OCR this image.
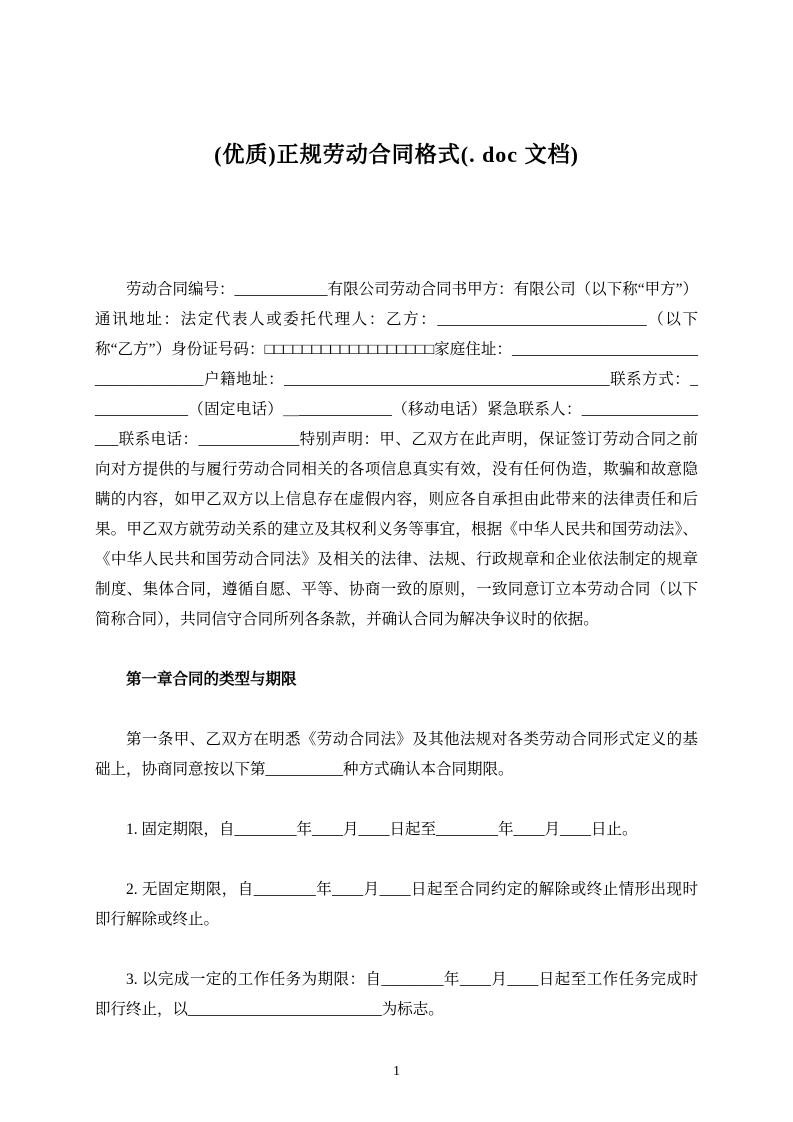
(优质)正规劳动合同格式(. doc 文档)

劳动合同编号：____________有限公司劳动合同书甲方：有限公司（以下称“甲方”）通讯地址：法定代表人或委托代理人：乙方：___________________________（以下称“乙方”）身份证号码：□□□□□□□□□□□□□□□□□□家庭住址：______________________________________户籍地址：__________________________________________联系方式：_____________（固定电话）＿____________（移动电话）紧急联系人：__________________联系电话：_____________特别声明：甲、乙双方在此声明，保证签订劳动合同之前向对方提供的与履行劳动合同相关的各项信息真实有效，没有任何伪造，欺骗和故意隐瞒的内容，如甲乙双方以上信息存在虚假内容，则应各自承担由此带来的法律责任和后果。甲乙双方就劳动关系的建立及其权利义务等事宜，根据《中华人民共和国劳动法》、《中华人民共和国劳动合同法》及相关的法律、法规、行政规章和企业依法制定的规章制度、集体合同，遵循自愿、平等、协商一致的原则，一致同意订立本劳动合同（以下简称合同），共同信守合同所列各条款，并确认合同为解决争议时的依据。

第一章合同的类型与期限

第一条甲、乙双方在明悉《劳动合同法》及其他法规对各类劳动合同形式定义的基础上，协商同意按以下第__________种方式确认本合同期限。

1. 固定期限，自________年____月____日起至________年____月____日止。

2. 无固定期限，自________年____月____日起至合同约定的解除或终止情形出现时即行解除或终止。

3. 以完成一定的工作任务为期限：自________年____月____日起至工作任务完成时即行终止，以_________________________为标志。

1
